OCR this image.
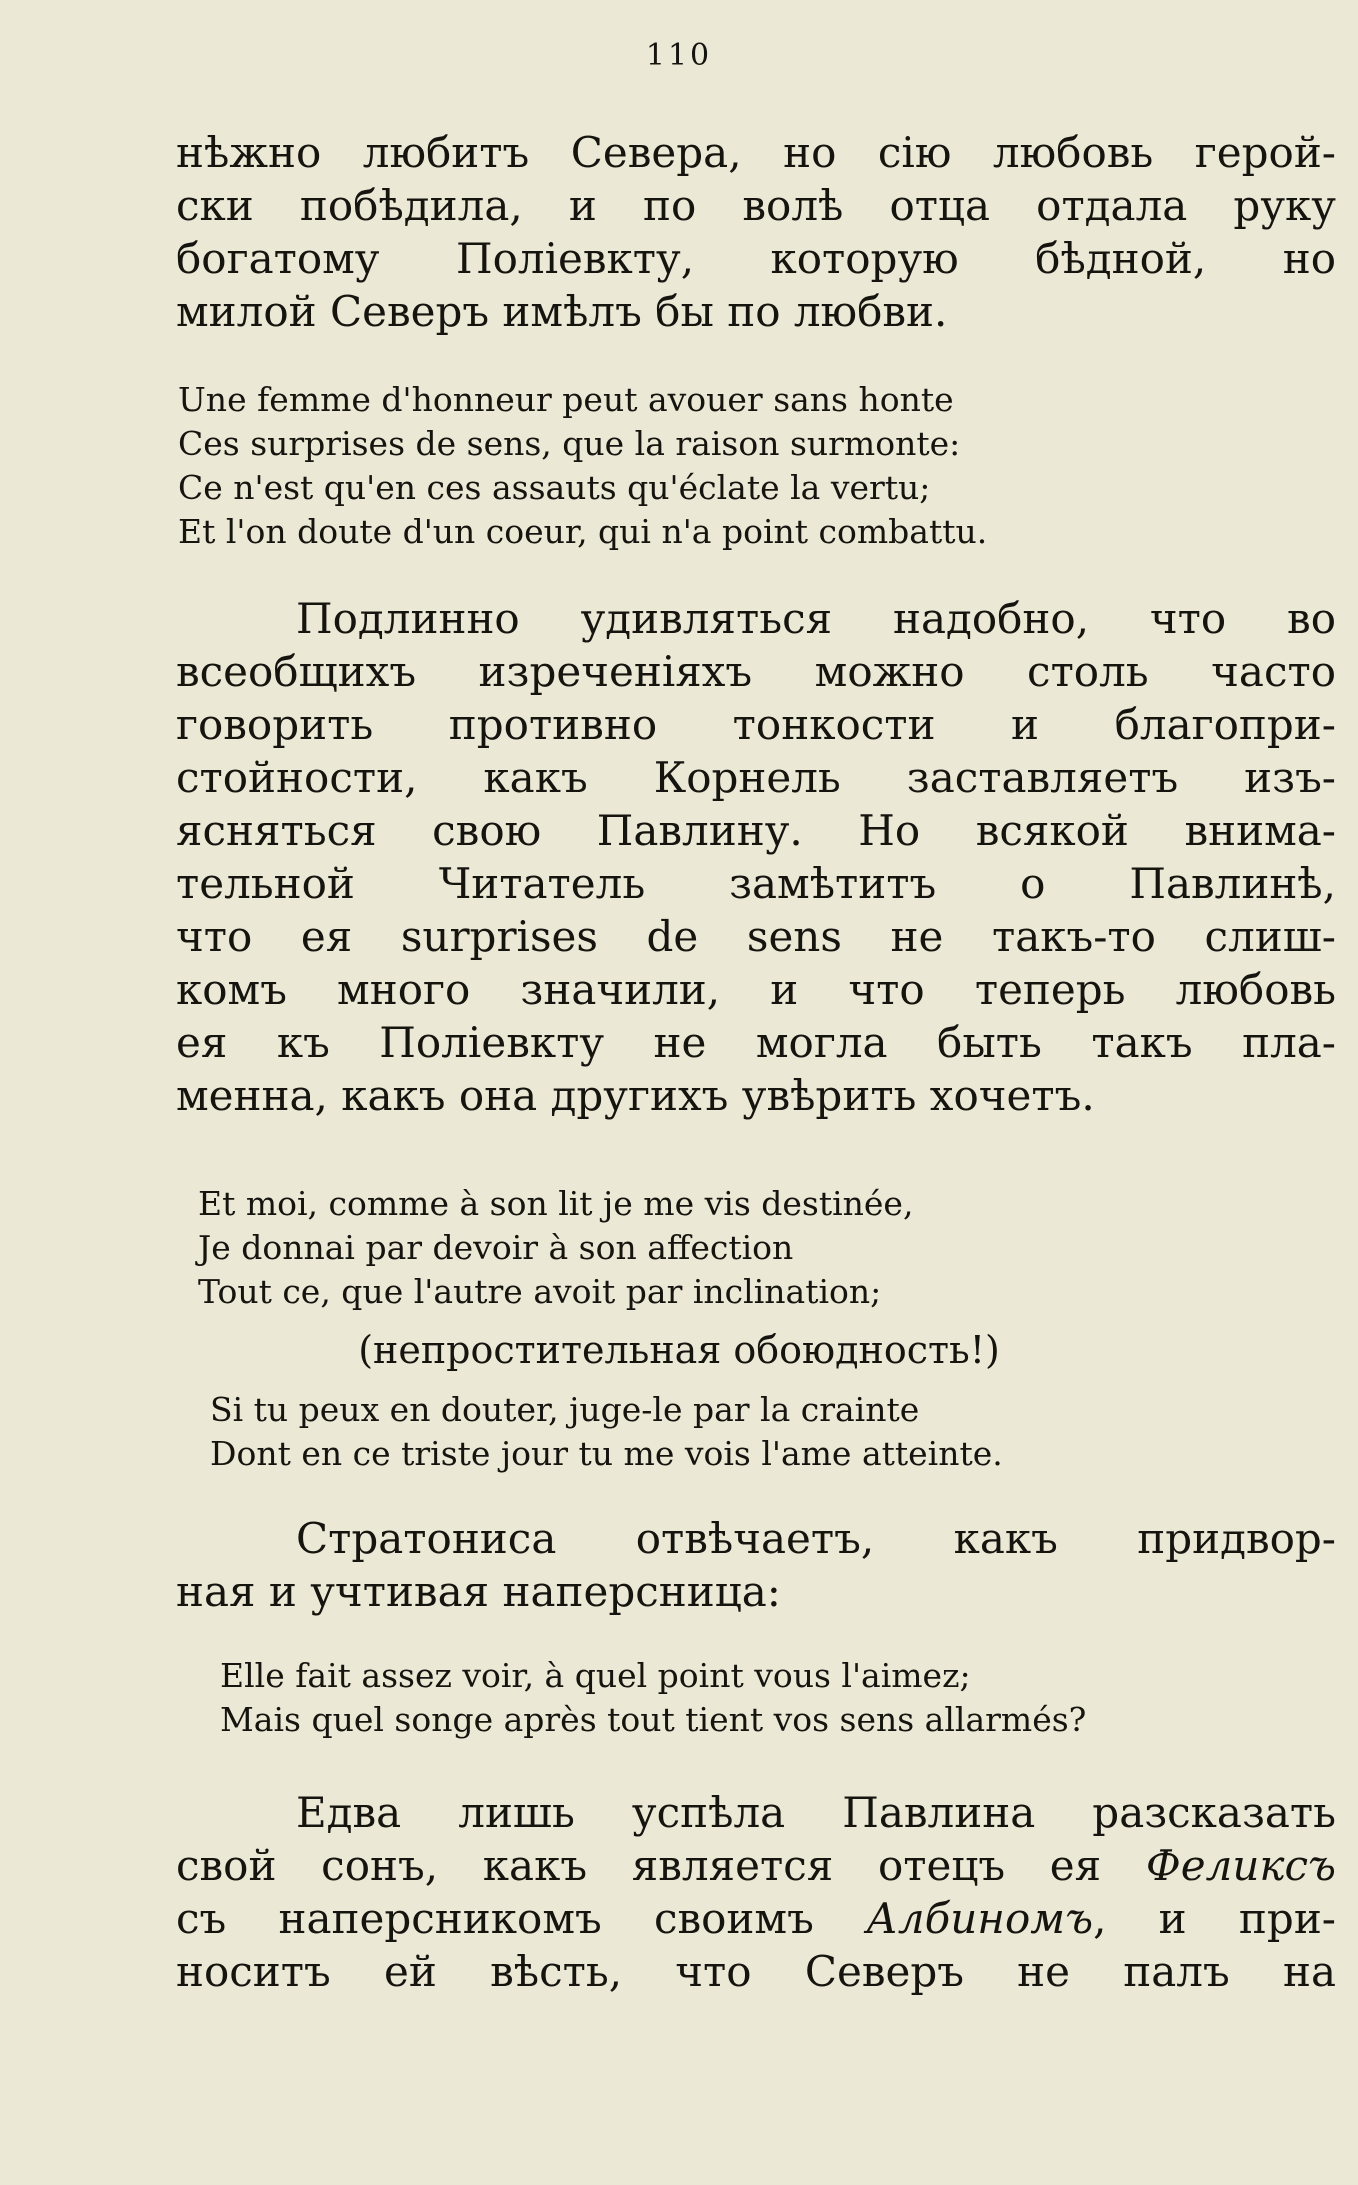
110
нѣжно любитъ Севера, но сію любовь герой-
ски побѣдила, и по волѣ отца отдала руку
богатому Поліевкту, которую бѣдной, но
милой Северъ имѣлъ бы по любви.
Une femme d'honneur peut avouer sans honte
Ces surprises de sens, que la raison surmonte:
Ce n'est qu'en ces assauts qu'éclate la vertu;
Et l'on doute d'un coeur, qui n'a point combattu.
Подлинно удивляться надобно, что во
всеобщихъ изреченіяхъ можно столь часто
говорить противно тонкости и благопри-
стойности, какъ Корнель заставляетъ изъ-
ясняться свою Павлину. Но всякой внима-
тельной Читатель замѣтитъ о Павлинѣ,
что ея surprises de sens не такъ-то слиш-
комъ много значили, и что теперь любовь
ея къ Поліевкту не могла быть такъ пла-
менна, какъ она другихъ увѣрить хочетъ.
Et moi, comme à son lit je me vis destinée,
Je donnai par devoir à son affection
Tout ce, que l'autre avoit par inclination;
(непростительная обоюдность!)
Si tu peux en douter, juge-le par la crainte
Dont en ce triste jour tu me vois l'ame atteinte.
Стратониса отвѣчаетъ, какъ придвор-
ная и учтивая наперсница:
Elle fait assez voir, à quel point vous l'aimez;
Mais quel songe après tout tient vos sens allarmés?
Едва лишь успѣла Павлина разсказать
свой сонъ, какъ является отецъ ея Феликсъ
съ наперсникомъ своимъ Албиномъ, и при-
носитъ ей вѣсть, что Северъ не палъ на
